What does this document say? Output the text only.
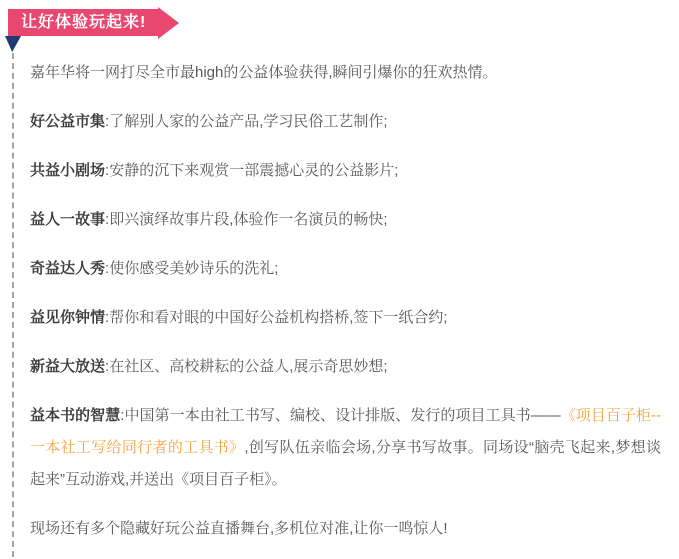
让好体验玩起来!

嘉年华将一网打尽全市最high的公益体验获得,瞬间引爆你的狂欢热情。

好公益市集:了解别人家的公益产品,学习民俗工艺制作;

共益小剧场:安静的沉下来观赏一部震撼心灵的公益影片;

益人一故事:即兴演绎故事片段,体验作一名演员的畅快;

奇益达人秀:使你感受美妙诗乐的洗礼;

益见你钟情:帮你和看对眼的中国好公益机构搭桥,签下一纸合约;

新益大放送:在社区、高校耕耘的公益人,展示奇思妙想;

益本书的智慧:中国第一本由社工书写、编校、设计排版、发行的项目工具书——《项目百子柜--一本社工写给同行者的工具书》,创写队伍亲临会场,分享书写故事。同场设“脑壳飞起来,梦想谈起来”互动游戏,并送出《项目百子柜》。

现场还有多个隐藏好玩公益直播舞台,多机位对准,让你一鸣惊人!
